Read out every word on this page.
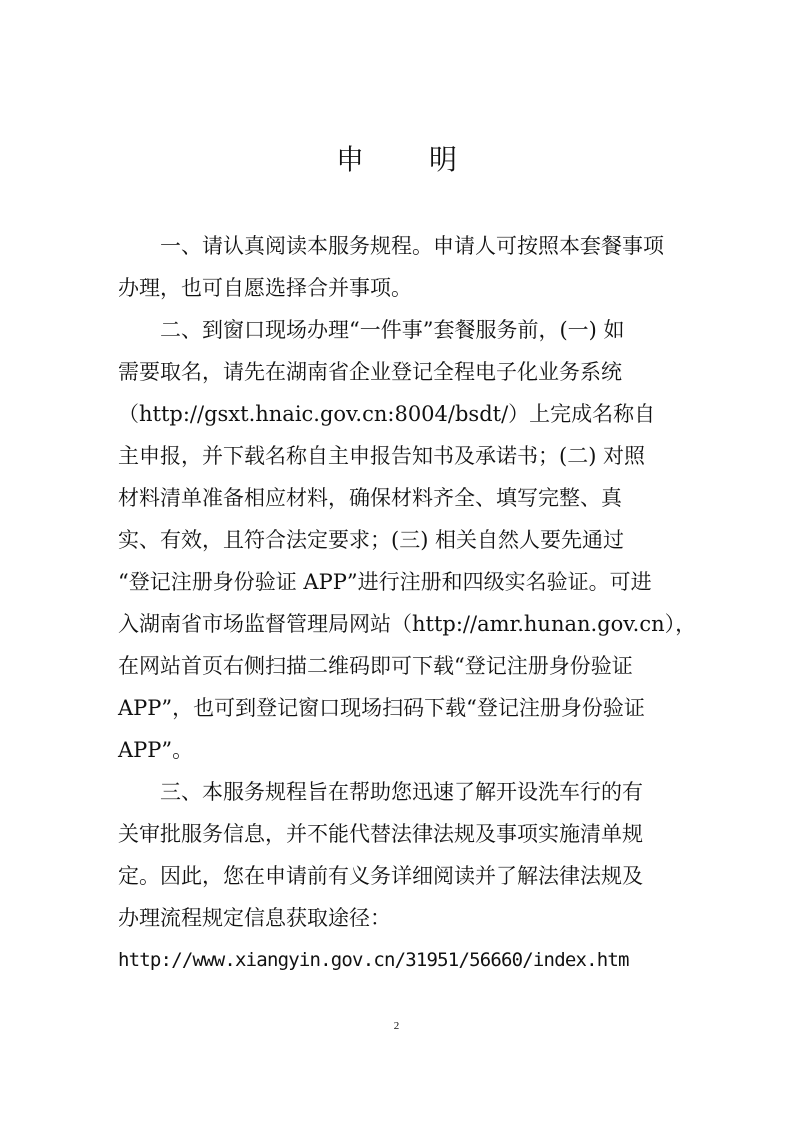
申 明
一、请认真阅读本服务规程。申请人可按照本套餐事项
办理，也可自愿选择合并事项。
二、到窗口现场办理“一件事”套餐服务前，(一) 如
需要取名，请先在湖南省企业登记全程电子化业务系统
（http://gsxt.hnaic.gov.cn:8004/bsdt/）上完成名称自
主申报，并下载名称自主申报告知书及承诺书；(二) 对照
材料清单准备相应材料，确保材料齐全、填写完整、真
实、有效，且符合法定要求；(三) 相关自然人要先通过
“登记注册身份验证 APP”进行注册和四级实名验证。可进
入湖南省市场监督管理局网站（http://amr.hunan.gov.cn），
在网站首页右侧扫描二维码即可下载“登记注册身份验证
APP”，也可到登记窗口现场扫码下载“登记注册身份验证
APP”。
三、本服务规程旨在帮助您迅速了解开设洗车行的有
关审批服务信息，并不能代替法律法规及事项实施清单规
定。因此，您在申请前有义务详细阅读并了解法律法规及
办理流程规定信息获取途径：
http://www.xiangyin.gov.cn/31951/56660/index.htm
2
